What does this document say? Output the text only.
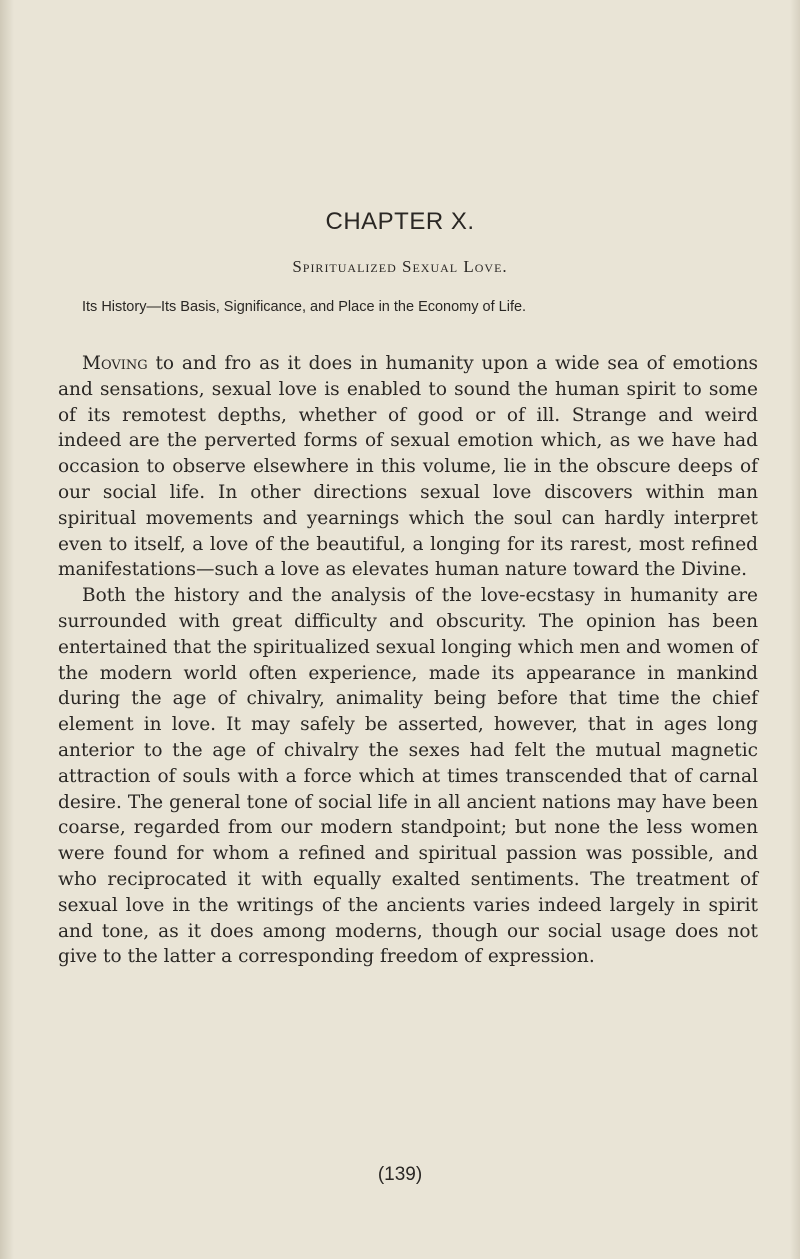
CHAPTER X.
Spiritualized Sexual Love.
Its History—Its Basis, Significance, and Place in the Economy of Life.

Moving to and fro as it does in humanity upon a wide sea of emotions and sensations, sexual love is enabled to sound the human spirit to some of its remotest depths, whether of good or of ill. Strange and weird indeed are the perverted forms of sexual emotion which, as we have had occasion to observe elsewhere in this volume, lie in the obscure deeps of our social life. In other directions sexual love discovers within man spiritual movements and yearnings which the soul can hardly interpret even to itself, a love of the beautiful, a longing for its rarest, most refined manifestations—such a love as elevates human nature toward the Divine.

Both the history and the analysis of the love-ecstasy in humanity are surrounded with great difficulty and obscurity. The opinion has been entertained that the spiritualized sexual longing which men and women of the modern world often experience, made its appearance in mankind during the age of chivalry, animality being before that time the chief element in love. It may safely be asserted, however, that in ages long anterior to the age of chivalry the sexes had felt the mutual magnetic attraction of souls with a force which at times transcended that of carnal desire. The general tone of social life in all ancient nations may have been coarse, regarded from our modern standpoint; but none the less women were found for whom a refined and spiritual passion was possible, and who reciprocated it with equally exalted sentiments. The treatment of sexual love in the writings of the ancients varies indeed largely in spirit and tone, as it does among moderns, though our social usage does not give to the latter a corresponding freedom of expression.

(139)
